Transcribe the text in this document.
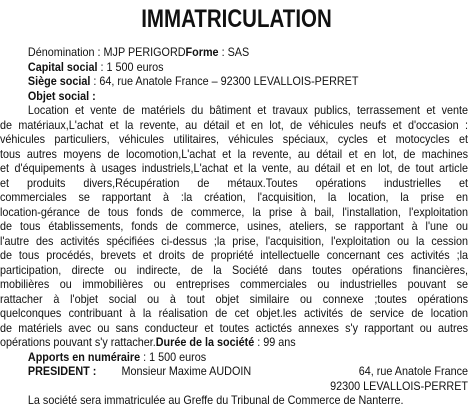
IMMATRICULATION
Dénomination : MJP PERIGORDForme : SAS
Capital social : 1 500 euros
Siège social : 64, rue Anatole France – 92300 LEVALLOIS-PERRET
Objet social :
Location et vente de matériels du bâtiment et travaux publics, terrassement et vente
de matériaux,L'achat et la revente, au détail et en lot, de véhicules neufs et d'occasion :
véhicules particuliers, véhicules utilitaires, véhicules spéciaux, cycles et motocycles et
tous autres moyens de locomotion,L'achat et la revente, au détail et en lot, de machines
et d'équipements à usages industriels,L'achat et la vente, au détail et en lot, de tout article
et produits divers,Récupération de métaux.Toutes opérations industrielles et
commerciales se rapportant à :la création, l'acquisition, la location, la prise en
location-gérance de tous fonds de commerce, la prise à bail, l'installation, l'exploitation
de tous établissements, fonds de commerce, usines, ateliers, se rapportant à l'une ou
l'autre des activités spécifiées ci-dessus ;la prise, l'acquisition, l'exploitation ou la cession
de tous procédés, brevets et droits de propriété intellectuelle concernant ces activités ;la
participation, directe ou indirecte, de la Société dans toutes opérations financières,
mobilières ou immobilières ou entreprises commerciales ou industrielles pouvant se
rattacher à l'objet social ou à tout objet similaire ou connexe ;toutes opérations
quelconques contribuant à la réalisation de cet objet.les activités de service de location
de matériels avec ou sans conducteur et toutes actictés annexes s'y rapportant ou autres
opérations pouvant s'y rattacher.Durée de la société : 99 ans
Apports en numéraire : 1 500 euros
PRESIDENT : Monsieur Maxime AUDOIN	64, rue Anatole France
92300 LEVALLOIS-PERRET
La société sera immatriculée au Greffe du Tribunal de Commerce de Nanterre.
